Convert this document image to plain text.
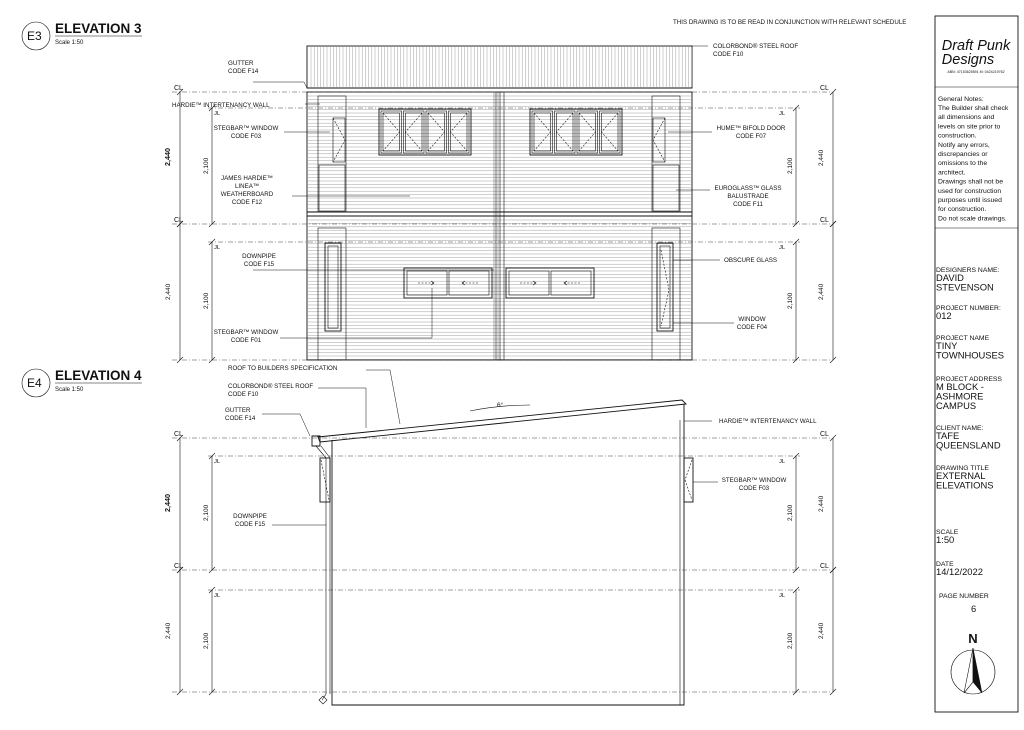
THIS DRAWING IS TO BE READ IN CONJUNCTION WITH RELEVANT SCHEDULE
E3 ELEVATION 3
Scale 1:50
CL	CL
CL	CL
JL	JL
JL	JL
2,440	2,440
2,100	2,100
2,440	2,440
2,100	2,100
GUTTER
CODE F14
COLORBOND® STEEL ROOF
CODE F10
HARDIE™ INTERTENANCY WALL
STEGBAR™ WINDOW
CODE F03
HUME™ BIFOLD DOOR
CODE F07
JAMES HARDIE™
LINEA™
WEATHERBOARD
CODE F12
EUROGLASS™ GLASS
BALUSTRADE
CODE F11
DOWNPIPE
CODE F15
OBSCURE GLASS
WINDOW
CODE F04
STEGBAR™ WINDOW
CODE F01
E4 ELEVATION 4
Scale 1:50
6°
CL	CL
CL	CL
JL	JL
JL	JL
2,440	2,440
2,100	2,100
2,440	2,440
2,100	2,100
ROOF TO BUILDERS SPECIFICATION
COLORBOND® STEEL ROOF
CODE F10
GUTTER
CODE F14	HARDIE™ INTERTENANCY WALL
STEGBAR™ WINDOW
CODE F03
DOWNPIPE
CODE F15
Draft Punk
Designs
ABN: 47153625591 M: 0424219762
General Notes:
The Builder shall check
all dimensions and
levels on site prior to
construction.
Notify any errors,
discrepancies or
omissions to the
architect.
Drawings shall not be
used for construction
purposes until issued
for construction.
Do not scale drawings.
DESIGNERS NAME:
DAVID
STEVENSON
PROJECT NUMBER:
012
PROJECT NAME
TINY
TOWNHOUSES
PROJECT ADDRESS
M BLOCK -
ASHMORE
CAMPUS
CLIENT NAME:
TAFE
QUEENSLAND
DRAWING TITLE
EXTERNAL
ELEVATIONS
SCALE
1:50
DATE
14/12/2022
PAGE NUMBER
6
N
